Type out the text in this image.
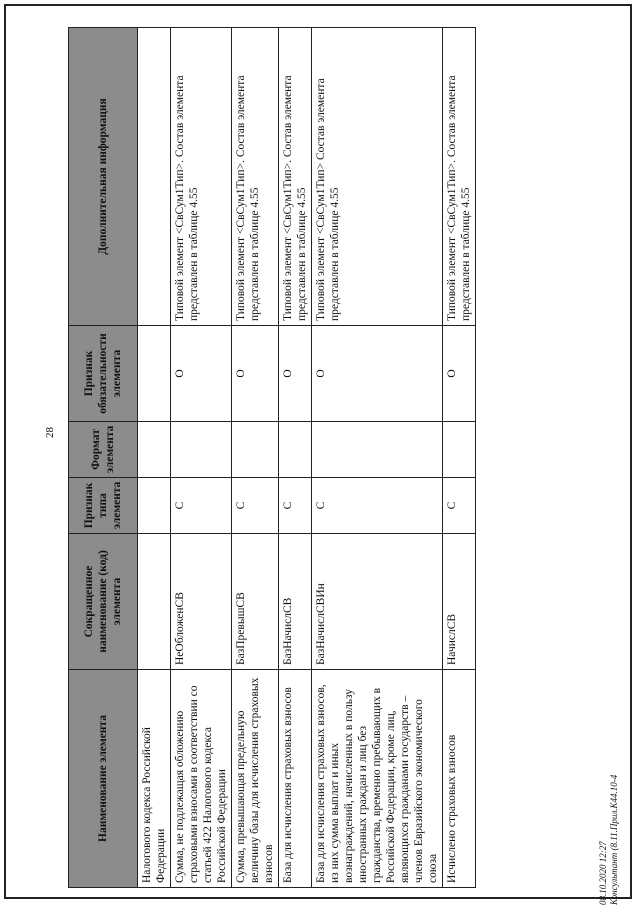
28
Наименование элемента	Сокращенное наименование (код) элемента	Признак типа элемента	Формат элемента	Признак обязательности элемента	Дополнительная информация
Налогового кодекса Российской Федерации					
Сумма, не подлежащая обложению страховыми взносами в соответствии со статьей 422 Налогового кодекса Российской Федерации	НеОбложенСВ	С		О	Типовой элемент <СвСум1Тип>. Состав элемента представлен в таблице 4.55
Сумма, превышающая предельную величину базы для исчисления страховых взносов	БазПревышСВ	С		О	Типовой элемент <СвСум1Тип>. Состав элемента представлен в таблице 4.55
База для исчисления страховых взносов	БазНачислСВ	С		О	Типовой элемент <СвСум1Тип>. Состав элемента представлен в таблице 4.55
База для исчисления страховых взносов, из них сумма выплат и иных вознаграждений, начисленных в пользу иностранных граждан и лиц без гражданства, временно пребывающих в Российской Федерации, кроме лиц, являющихся гражданами государств – членов Евразийского экономического союза	БазНачислСВИн	С		О	Типовой элемент <СвСум1Тип> Состав элемента представлен в таблице 4.55
Исчислено страховых взносов	НачислСВ	С		О	Типовой элемент <СвСум1Тип>. Состав элемента представлен в таблице 4.55
08.10.2020 12:27 Консультант (8.11.Прил.К44.10-4
